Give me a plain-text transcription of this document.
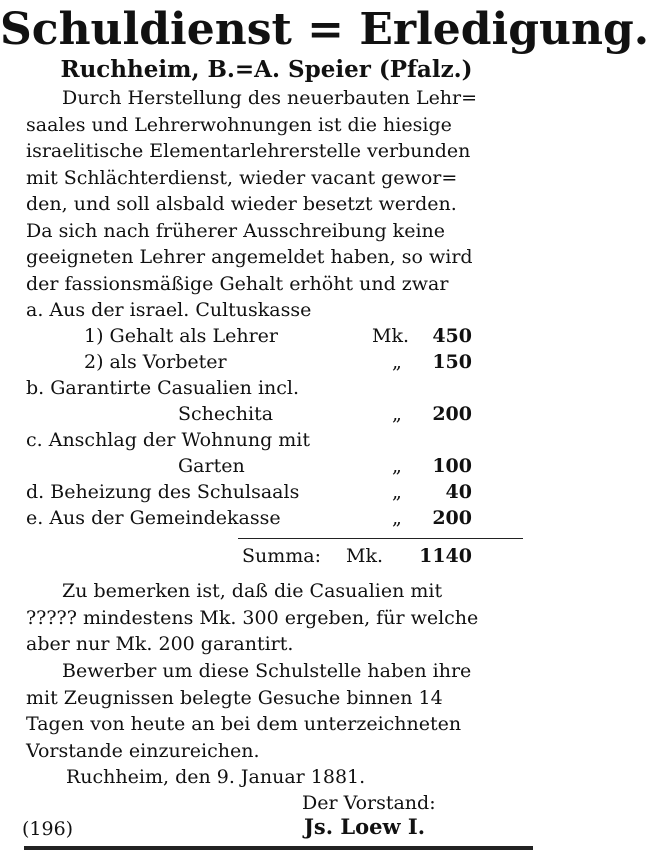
Schuldienst = Erledigung.
Ruchheim, B.=A. Speier (Pfalz.)
Durch Herstellung des neuerbauten Lehr=
saales und Lehrerwohnungen ist die hiesige
israelitische Elementarlehrerstelle verbunden
mit Schlächterdienst, wieder vacant gewor=
den, und soll alsbald wieder besetzt werden.
Da sich nach früherer Ausschreibung keine
geeigneten Lehrer angemeldet haben, so wird
der fassionsmäßige Gehalt erhöht und zwar
a. Aus der israel. Cultuskasse
1) Gehalt als Lehrer	Mk.	450
2) als Vorbeter	„	150
b. Garantirte Casualien incl.
Schechita	„	200
c. Anschlag der Wohnung mit
Garten	„	100
d. Beheizung des Schulsaals	„	40
e. Aus der Gemeindekasse	„	200
Summa: Mk.	1140
Zu bemerken ist, daß die Casualien mit
????? mindestens Mk. 300 ergeben, für welche
aber nur Mk. 200 garantirt.
Bewerber um diese Schulstelle haben ihre
mit Zeugnissen belegte Gesuche binnen 14
Tagen von heute an bei dem unterzeichneten
Vorstande einzureichen.
Ruchheim, den 9. Januar 1881.
Der Vorstand:
(196)	Js. Loew I.
